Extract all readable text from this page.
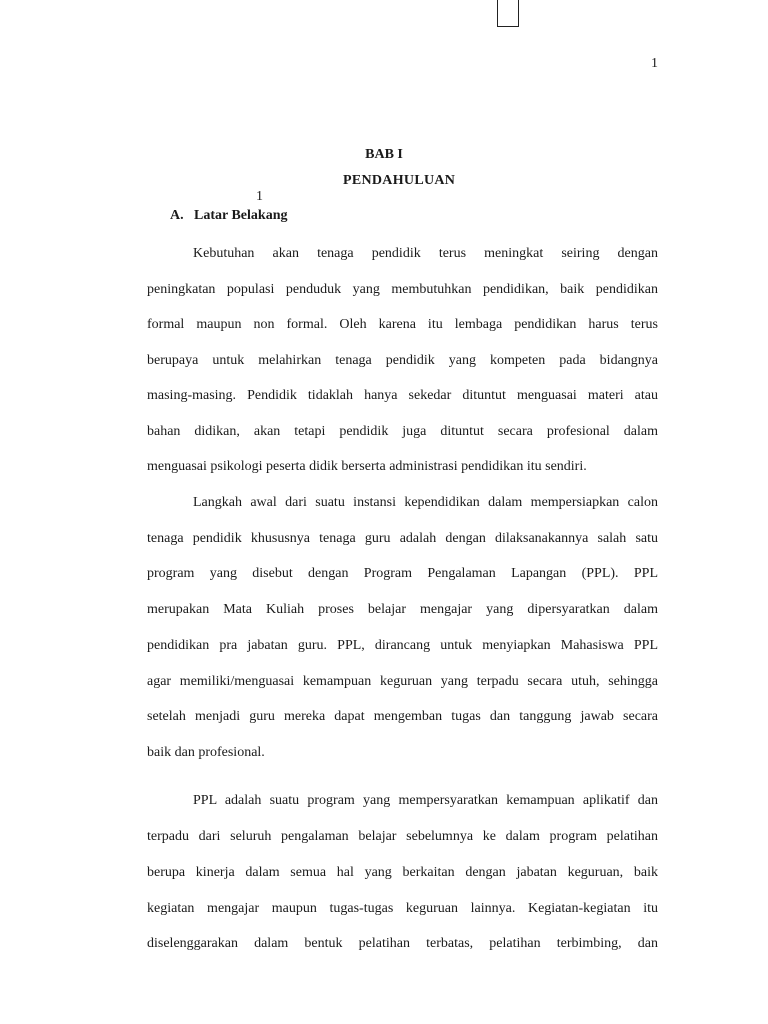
1
BAB I
PENDAHULUAN
1
A. Latar Belakang
Kebutuhan akan tenaga pendidik terus meningkat seiring dengan
peningkatan populasi penduduk yang membutuhkan pendidikan, baik pendidikan
formal maupun non formal. Oleh karena itu lembaga pendidikan harus terus
berupaya untuk melahirkan tenaga pendidik yang kompeten pada bidangnya
masing-masing. Pendidik tidaklah hanya sekedar dituntut menguasai materi atau
bahan didikan, akan tetapi pendidik juga dituntut secara profesional dalam
menguasai psikologi peserta didik berserta administrasi pendidikan itu sendiri.
Langkah awal dari suatu instansi kependidikan dalam mempersiapkan calon
tenaga pendidik khususnya tenaga guru adalah dengan dilaksanakannya salah satu
program yang disebut dengan Program Pengalaman Lapangan (PPL). PPL
merupakan Mata Kuliah proses belajar mengajar yang dipersyaratkan dalam
pendidikan pra jabatan guru. PPL, dirancang untuk menyiapkan Mahasiswa PPL
agar memiliki/menguasai kemampuan keguruan yang terpadu secara utuh, sehingga
setelah menjadi guru mereka dapat mengemban tugas dan tanggung jawab secara
baik dan profesional.
PPL adalah suatu program yang mempersyaratkan kemampuan aplikatif dan
terpadu dari seluruh pengalaman belajar sebelumnya ke dalam program pelatihan
berupa kinerja dalam semua hal yang berkaitan dengan jabatan keguruan, baik
kegiatan mengajar maupun tugas-tugas keguruan lainnya. Kegiatan-kegiatan itu
diselenggarakan dalam bentuk pelatihan terbatas, pelatihan terbimbing, dan
